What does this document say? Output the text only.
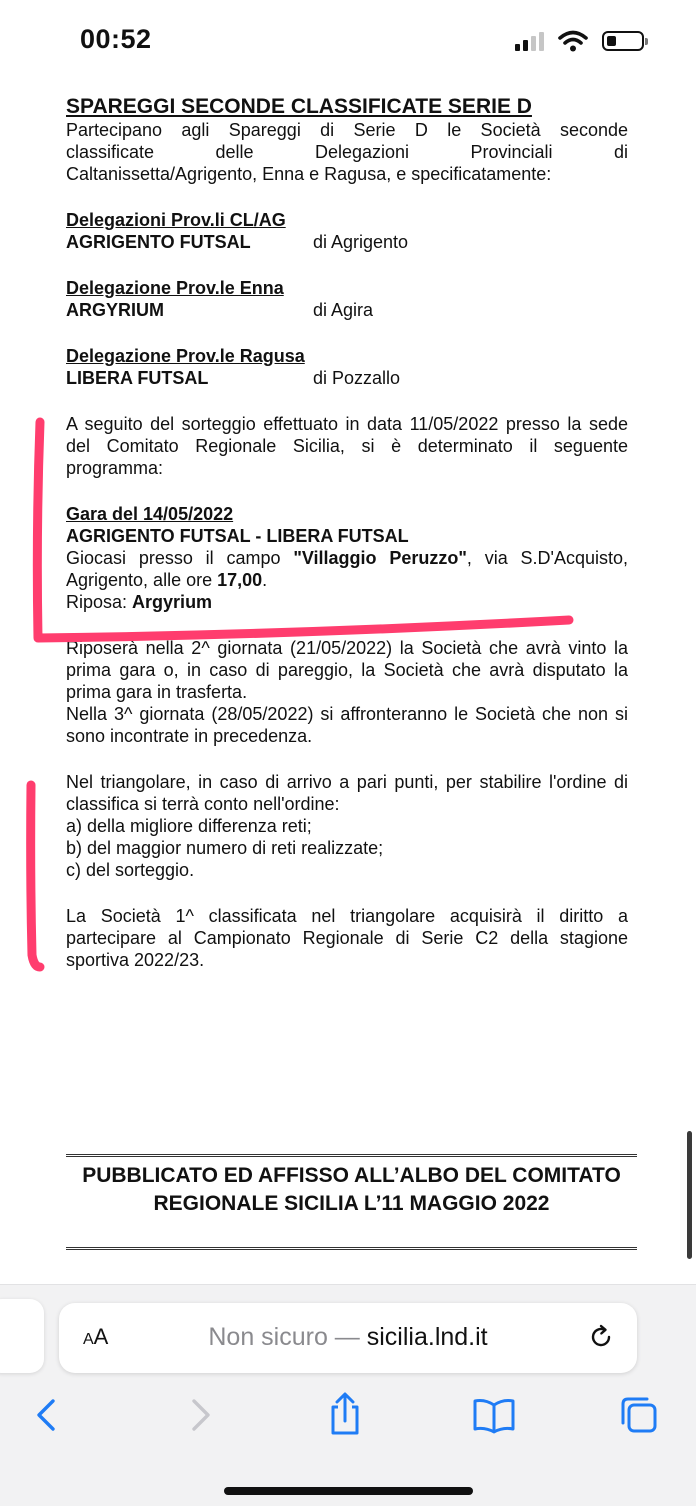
00:52

SPAREGGI SECONDE CLASSIFICATE SERIE D

Partecipano agli Spareggi di Serie D le Società seconde

classificate delle Delegazioni Provinciali di

Caltanissetta/Agrigento, Enna e Ragusa, e specificatamente:

Delegazioni Prov.li CL/AG

AGRIGENTO FUTSAL	di Agrigento

Delegazione Prov.le Enna

ARGYRIUM	di Agira

Delegazione Prov.le Ragusa

LIBERA FUTSAL	di Pozzallo

A seguito del sorteggio effettuato in data 11/05/2022 presso la sede del Comitato Regionale Sicilia, si è determinato il seguente programma:

Gara del 14/05/2022

AGRIGENTO FUTSAL - LIBERA FUTSAL

Giocasi presso il campo "Villaggio Peruzzo", via S.D'Acquisto, Agrigento, alle ore 17,00.

Riposa: Argyrium

Riposerà nella 2^ giornata (21/05/2022) la Società che avrà vinto la prima gara o, in caso di pareggio, la Società che avrà disputato la prima gara in trasferta.

Nella 3^ giornata (28/05/2022) si affronteranno le Società che non si sono incontrate in precedenza.

Nel triangolare, in caso di arrivo a pari punti, per stabilire l'ordine di classifica si terrà conto nell'ordine:

a) della migliore differenza reti;

b) del maggior numero di reti realizzate;

c) del sorteggio.

La Società 1^ classificata nel triangolare acquisirà il diritto a partecipare al Campionato Regionale di Serie C2 della stagione sportiva 2022/23.

PUBBLICATO ED AFFISSO ALL’ALBO DEL COMITATO REGIONALE SICILIA L’11 MAGGIO 2022
AA	Non sicuro — sicilia.lnd.it
